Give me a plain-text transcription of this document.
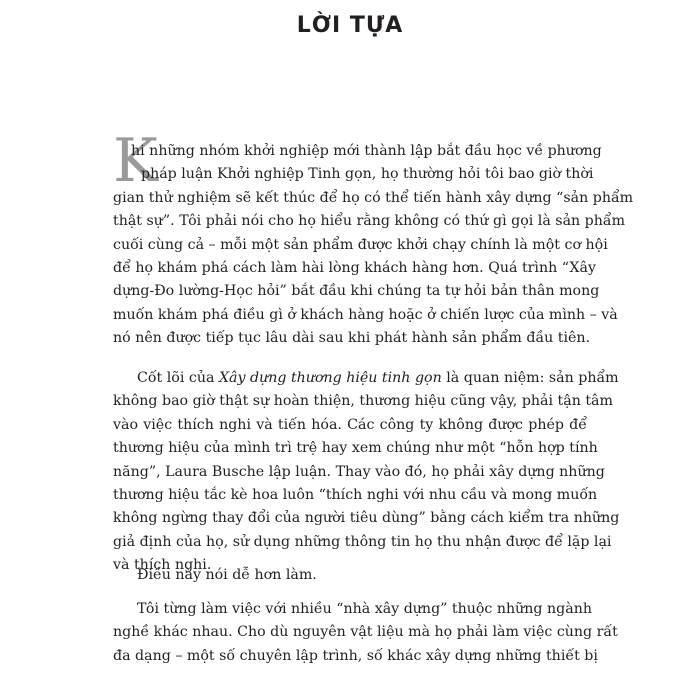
LỜI TỰA
K
hi những nhóm khởi nghiệp mới thành lập bắt đầu học về phương
pháp luận Khởi nghiệp Tinh gọn, họ thường hỏi tôi bao giờ thời
gian thử nghiệm sẽ kết thúc để họ có thể tiến hành xây dựng “sản phẩm
thật sự”. Tôi phải nói cho họ hiểu rằng không có thứ gì gọi là sản phẩm
cuối cùng cả – mỗi một sản phẩm được khởi chạy chính là một cơ hội
để họ khám phá cách làm hài lòng khách hàng hơn. Quá trình “Xây
dựng-Đo lường-Học hỏi” bắt đầu khi chúng ta tự hỏi bản thân mong
muốn khám phá điều gì ở khách hàng hoặc ở chiến lược của mình – và
nó nên được tiếp tục lâu dài sau khi phát hành sản phẩm đầu tiên.
Cốt lõi của Xây dựng thương hiệu tinh gọn là quan niệm: sản phẩm
không bao giờ thật sự hoàn thiện, thương hiệu cũng vậy, phải tận tâm
vào việc thích nghi và tiến hóa. Các công ty không được phép để
thương hiệu của mình trì trệ hay xem chúng như một “hỗn hợp tính
năng”, Laura Busche lập luận. Thay vào đó, họ phải xây dựng những
thương hiệu tắc kè hoa luôn “thích nghi với nhu cầu và mong muốn
không ngừng thay đổi của người tiêu dùng” bằng cách kiểm tra những
giả định của họ, sử dụng những thông tin họ thu nhận được để lặp lại
và thích nghi.
Điều này nói dễ hơn làm.
Tôi từng làm việc với nhiều “nhà xây dựng” thuộc những ngành
nghề khác nhau. Cho dù nguyên vật liệu mà họ phải làm việc cùng rất
đa dạng – một số chuyên lập trình, số khác xây dựng những thiết bị
